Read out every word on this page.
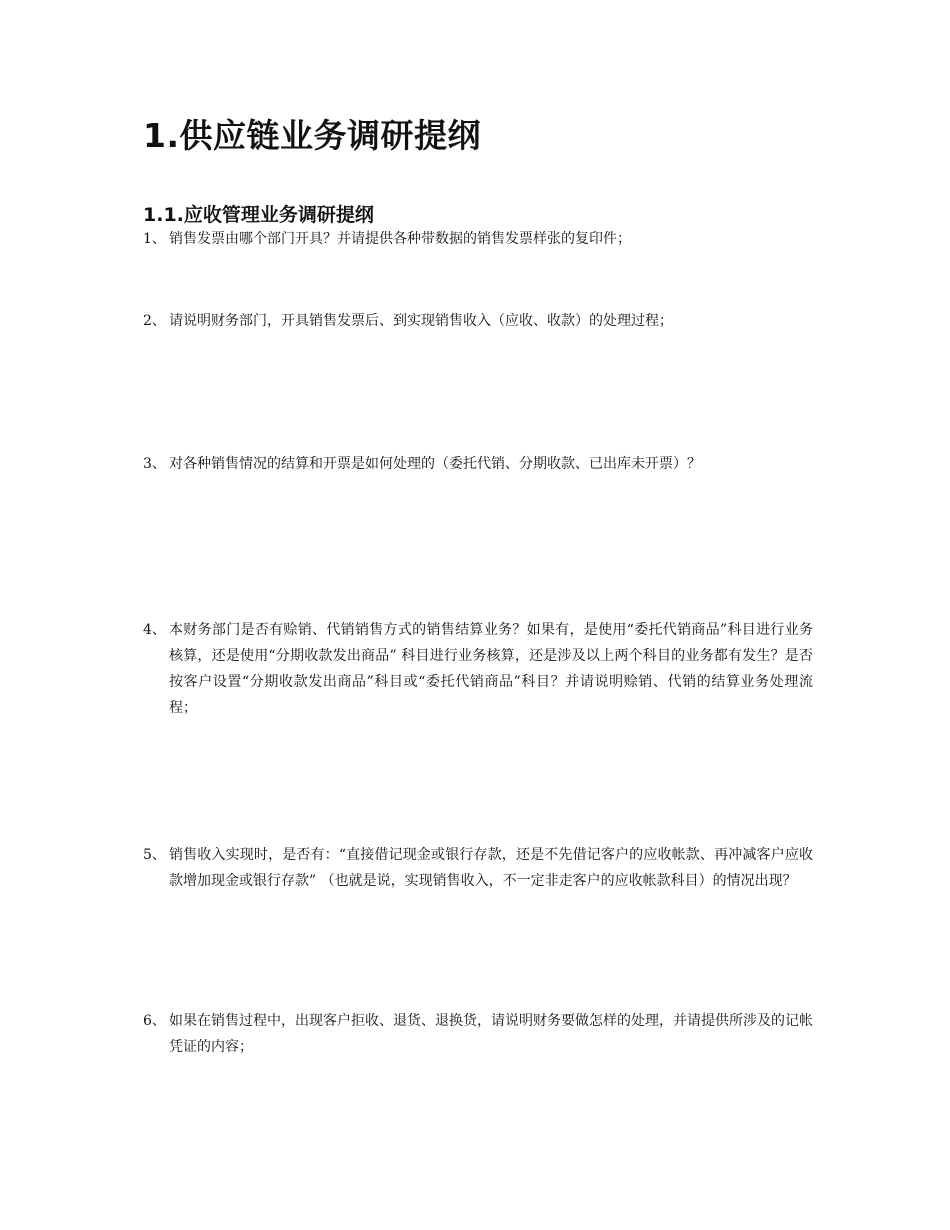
1.供应链业务调研提纲
1.1.应收管理业务调研提纲
1、 销售发票由哪个部门开具？并请提供各种带数据的销售发票样张的复印件；
2、 请说明财务部门，开具销售发票后、到实现销售收入（应收、收款）的处理过程；
3、 对各种销售情况的结算和开票是如何处理的（委托代销、分期收款、已出库未开票）？
4、 本财务部门是否有赊销、代销销售方式的销售结算业务？如果有，是使用“委托代销商品”科目进行业务核算，还是使用“分期收款发出商品” 科目进行业务核算，还是涉及以上两个科目的业务都有发生？是否按客户设置“分期收款发出商品”科目或“委托代销商品”科目？并请说明赊销、代销的结算业务处理流程；
5、 销售收入实现时，是否有：“直接借记现金或银行存款，还是不先借记客户的应收帐款、再冲减客户应收款增加现金或银行存款” （也就是说，实现销售收入，不一定非走客户的应收帐款科目）的情况出现？
6、 如果在销售过程中，出现客户拒收、退货、退换货，请说明财务要做怎样的处理，并请提供所涉及的记帐凭证的内容；
